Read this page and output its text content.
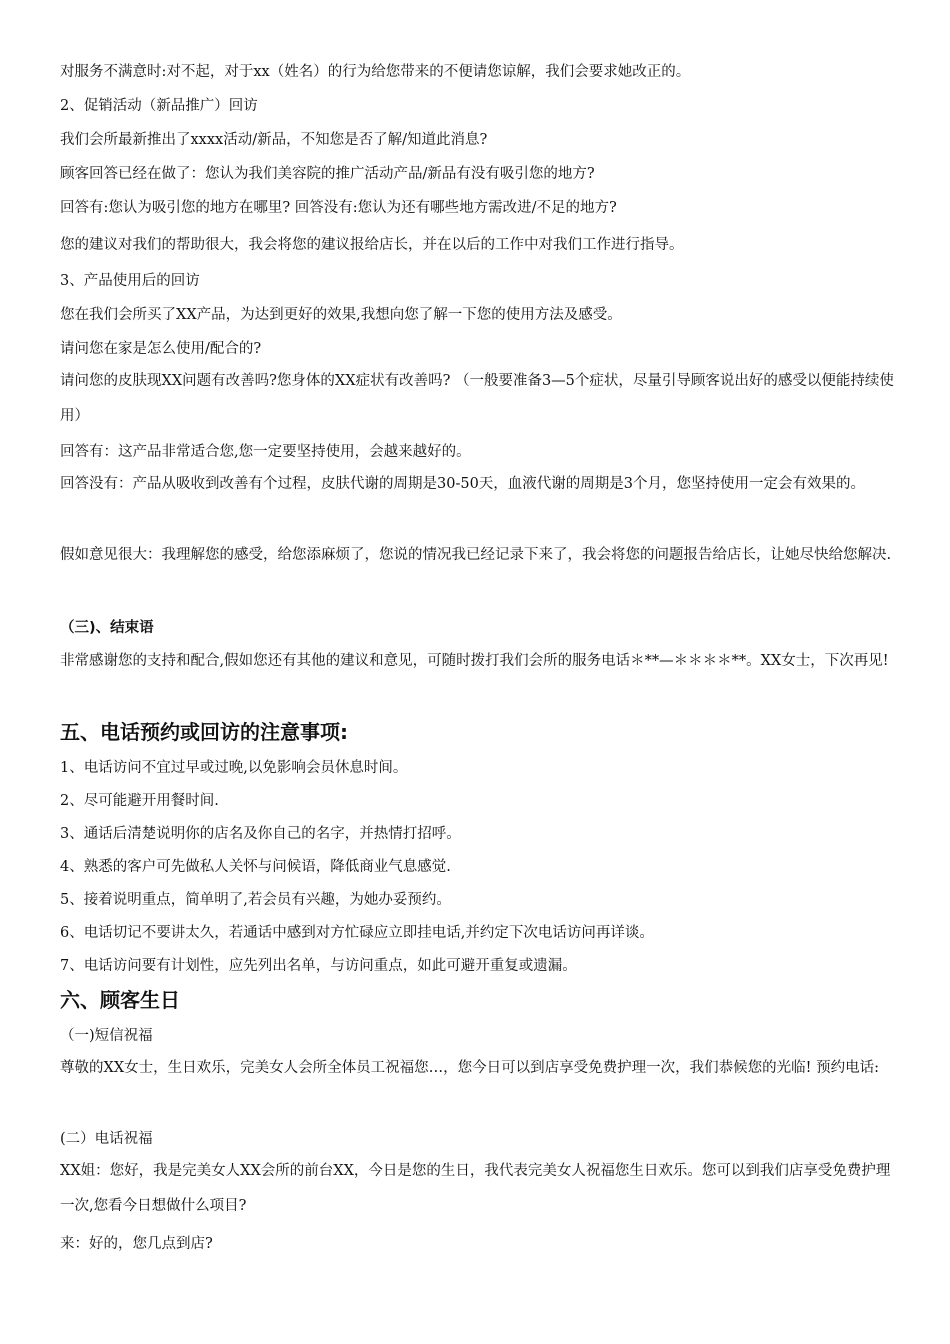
对服务不满意时:对不起，对于xx（姓名）的行为给您带来的不便请您谅解，我们会要求她改正的。
2、促销活动（新品推广）回访
我们会所最新推出了xxxx活动/新品，不知您是否了解/知道此消息?
顾客回答已经在做了：您认为我们美容院的推广活动产品/新品有没有吸引您的地方?
回答有:您认为吸引您的地方在哪里? 回答没有:您认为还有哪些地方需改进/不足的地方?
您的建议对我们的帮助很大，我会将您的建议报给店长，并在以后的工作中对我们工作进行指导。
3、产品使用后的回访
您在我们会所买了XX产品，为达到更好的效果,我想向您了解一下您的使用方法及感受。
请问您在家是怎么使用/配合的?
请问您的皮肤现XX问题有改善吗?您身体的XX症状有改善吗? （一般要准备3—5个症状，尽量引导顾客说出好的感受以便能持续使用）
回答有：这产品非常适合您,您一定要坚持使用，会越来越好的。
回答没有：产品从吸收到改善有个过程，皮肤代谢的周期是30-50天，血液代谢的周期是3个月，您坚持使用一定会有效果的。
假如意见很大：我理解您的感受，给您添麻烦了，您说的情况我已经记录下来了，我会将您的问题报告给店长，让她尽快给您解决.
（三)、结束语
非常感谢您的支持和配合,假如您还有其他的建议和意见，可随时拨打我们会所的服务电话＊**—＊＊＊＊**。XX女士，下次再见!
五、电话预约或回访的注意事项:
1、电话访问不宜过早或过晚,以免影响会员休息时间。
2、尽可能避开用餐时间.
3、通话后清楚说明你的店名及你自己的名字，并热情打招呼。
4、熟悉的客户可先做私人关怀与问候语，降低商业气息感觉.
5、接着说明重点，简单明了,若会员有兴趣，为她办妥预约。
6、电话切记不要讲太久，若通话中感到对方忙碌应立即挂电话,并约定下次电话访问再详谈。
7、电话访问要有计划性，应先列出名单，与访问重点，如此可避开重复或遗漏。
六、顾客生日
（一)短信祝福
尊敬的XX女士，生日欢乐，完美女人会所全体员工祝福您…，您今日可以到店享受免费护理一次，我们恭候您的光临! 预约电话:
(二）电话祝福
XX姐：您好，我是完美女人XX会所的前台XX，今日是您的生日，我代表完美女人祝福您生日欢乐。您可以到我们店享受免费护理一次,您看今日想做什么项目?
来：好的，您几点到店?
